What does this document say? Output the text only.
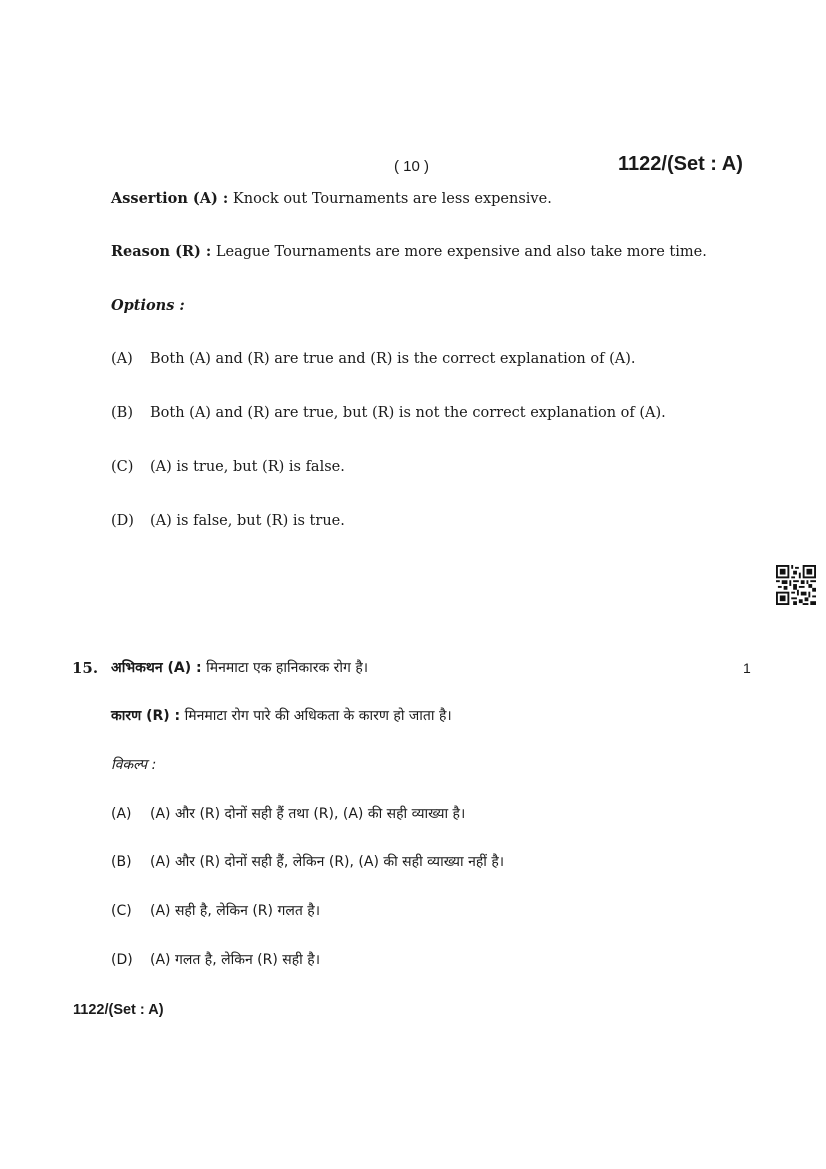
( 10 )	1122/(Set : A)
Assertion (A) : Knock out Tournaments are less expensive.
Reason (R) : League Tournaments are more expensive and also take more time.
Options :
(A) Both (A) and (R) are true and (R) is the correct explanation of (A).
(B) Both (A) and (R) are true, but (R) is not the correct explanation of (A).
(C) (A) is true, but (R) is false.
(D) (A) is false, but (R) is true.
15. अभिकथन (A) : मिनमाटा एक हानिकारक रोग है।	1
कारण (R) : मिनमाटा रोग पारे की अधिकता के कारण हो जाता है।
विकल्प :
(A) (A) और (R) दोनों सही हैं तथा (R), (A) की सही व्याख्या है।
(B) (A) और (R) दोनों सही हैं, लेकिन (R), (A) की सही व्याख्या नहीं है।
(C) (A) सही है, लेकिन (R) गलत है।
(D) (A) गलत है, लेकिन (R) सही है।
1122/(Set : A)
